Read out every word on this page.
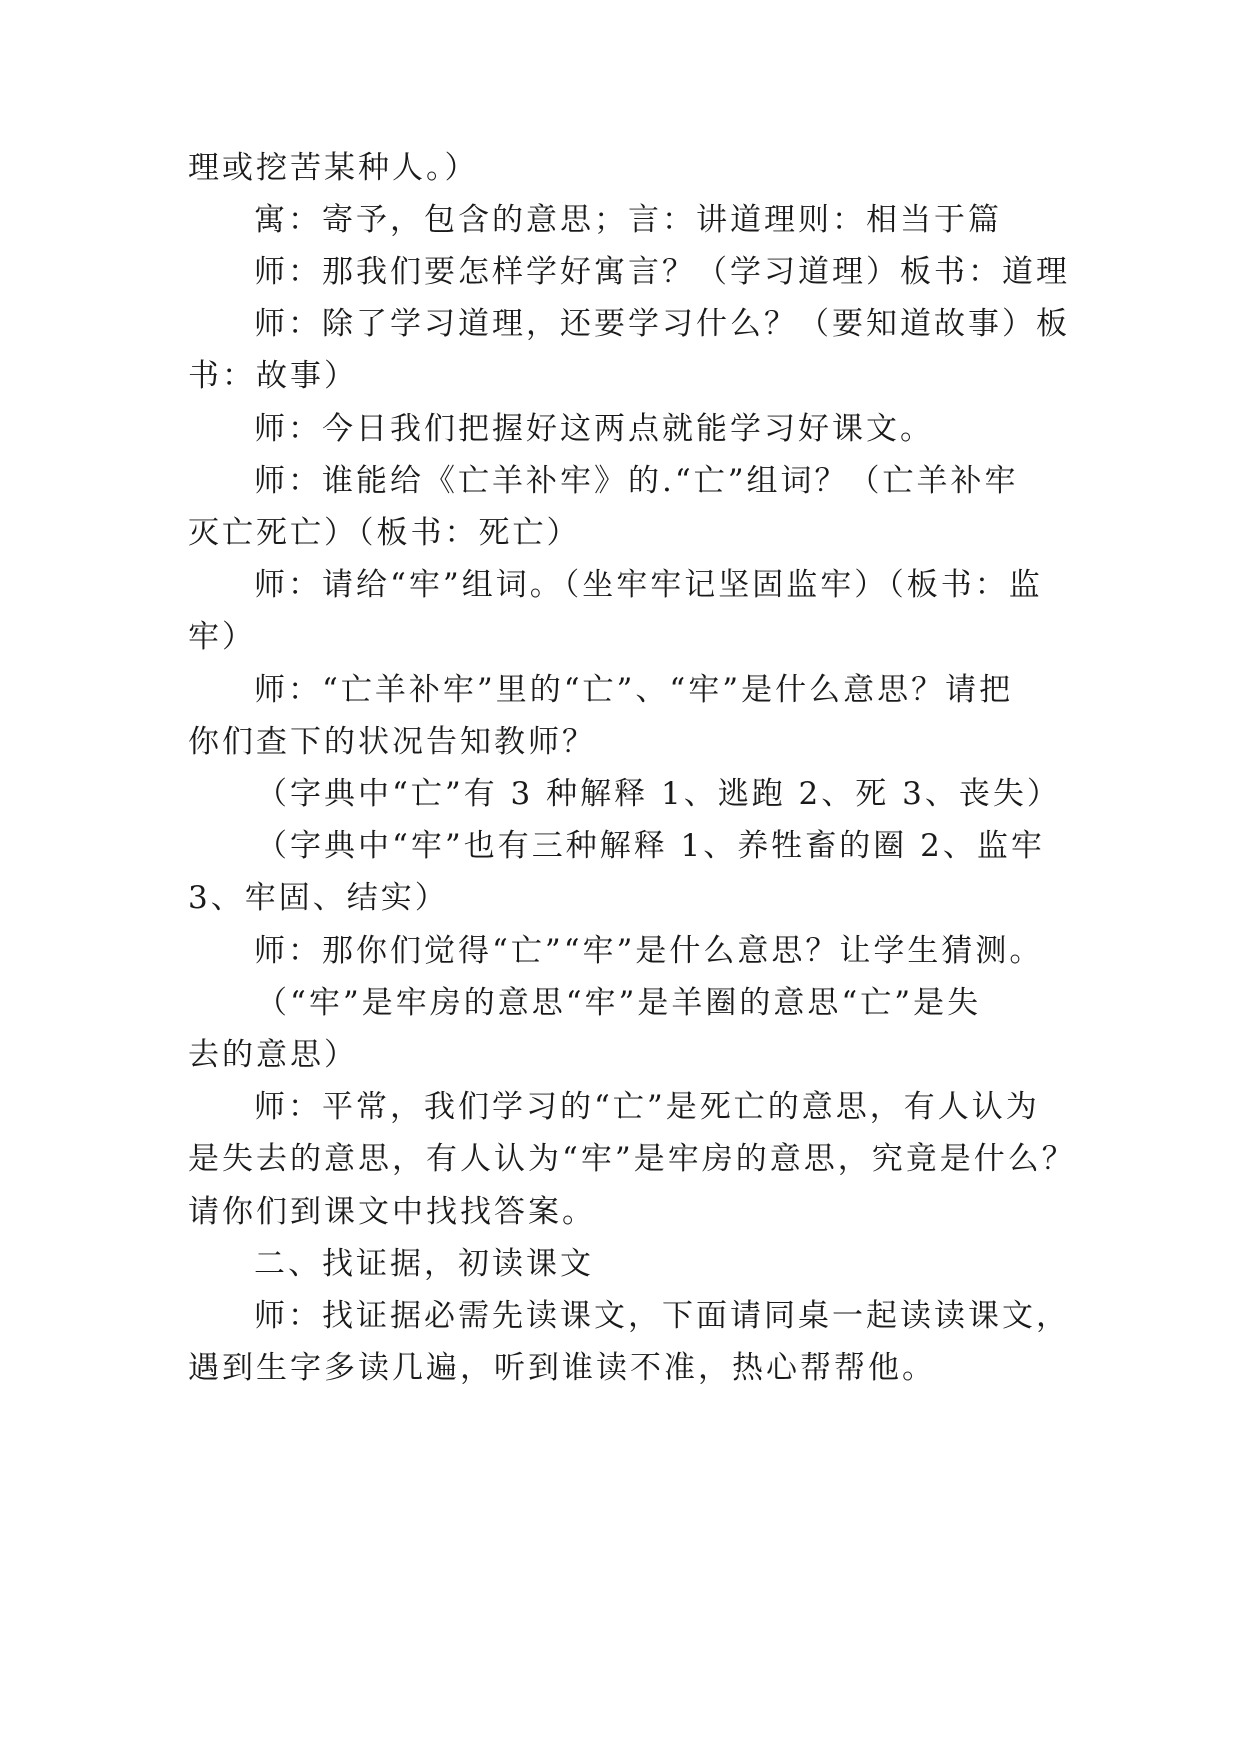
理或挖苦某种人。）
寓：寄予，包含的意思；言：讲道理则：相当于篇
师：那我们要怎样学好寓言？（学习道理）板书：道理
师：除了学习道理，还要学习什么？（要知道故事）板
书：故事）
师：今日我们把握好这两点就能学习好课文。
师：谁能给《亡羊补牢》的.“亡”组词？（亡羊补牢
灭亡死亡）（板书：死亡）
师：请给“牢”组词。（坐牢牢记坚固监牢）（板书：监
牢）
师：“亡羊补牢”里的“亡”、“牢”是什么意思？请把
你们查下的状况告知教师？
（字典中“亡”有 3 种解释 1、逃跑 2、死 3、丧失）
（字典中“牢”也有三种解释 1、养牲畜的圈 2、监牢
3、牢固、结实）
师：那你们觉得“亡”“牢”是什么意思？让学生猜测。
（“牢”是牢房的意思“牢”是羊圈的意思“亡”是失
去的意思）
师：平常，我们学习的“亡”是死亡的意思，有人认为
是失去的意思，有人认为“牢”是牢房的意思，究竟是什么？
请你们到课文中找找答案。
二、找证据，初读课文
师：找证据必需先读课文，下面请同桌一起读读课文，
遇到生字多读几遍，听到谁读不准，热心帮帮他。
